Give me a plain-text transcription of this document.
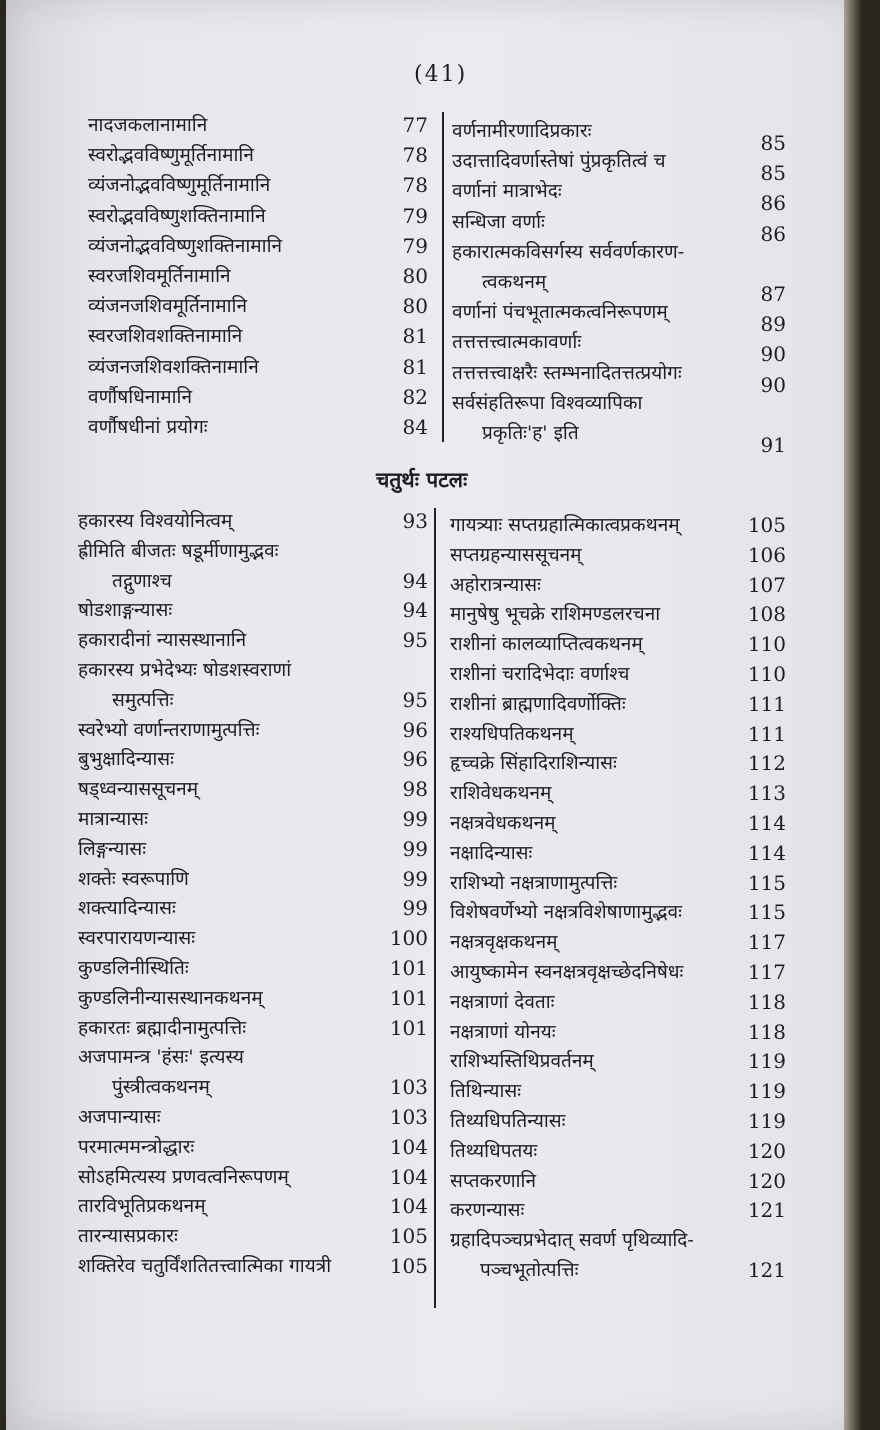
(41)
चतुर्थः पटलः
नादजकलानामानि	77
स्वरोद्भवविष्णुमूर्तिनामानि	78
व्यंजनोद्भवविष्णुमूर्तिनामानि	78
स्वरोद्भवविष्णुशक्तिनामानि	79
व्यंजनोद्भवविष्णुशक्तिनामानि	79
स्वरजशिवमूर्तिनामानि	80
व्यंजनजशिवमूर्तिनामानि	80
स्वरजशिवशक्तिनामानि	81
व्यंजनजशिवशक्तिनामानि	81
वर्णौषधिनामानि	82
वर्णौषधीनां प्रयोगः	84
वर्णनामीरणादिप्रकारः	85
उदात्तादिवर्णास्तेषां पुंप्रकृतित्वं च	85
वर्णानां मात्राभेदः	86
सन्धिजा वर्णाः	86
हकारात्मकविसर्गस्य सर्ववर्णकारण-
त्वकथनम्	87
वर्णानां पंचभूतात्मकत्वनिरूपणम्	89
तत्तत्तत्त्वात्मकावर्णाः	90
तत्तत्तत्त्वाक्षरैः स्तम्भनादितत्तत्प्रयोगः	90
सर्वसंहतिरूपा विश्वव्यापिका
प्रकृतिः'ह' इति	91
हकारस्य विश्वयोनित्वम्	93
ह्रीमिति बीजतः षडूर्मीणामुद्भवः
तद्गुणाश्च	94
षोडशाङ्गन्यासः	94
हकारादीनां न्यासस्थानानि	95
हकारस्य प्रभेदेभ्यः षोडशस्वराणां
समुत्पत्तिः	95
स्वरेभ्यो वर्णान्तराणामुत्पत्तिः	96
बुभुक्षादिन्यासः	96
षड्ध्वन्याससूचनम्	98
मात्रान्यासः	99
लिङ्गन्यासः	99
शक्तेः स्वरूपाणि	99
शक्त्यादिन्यासः	99
स्वरपारायणन्यासः	100
कुण्डलिनीस्थितिः	101
कुण्डलिनीन्यासस्थानकथनम्	101
हकारतः ब्रह्मादीनामुत्पत्तिः	101
अजपामन्त्र 'हंसः' इत्यस्य
पुंस्त्रीत्वकथनम्	103
अजपान्यासः	103
परमात्ममन्त्रोद्धारः	104
सोऽहमित्यस्य प्रणवत्वनिरूपणम्	104
तारविभूतिप्रकथनम्	104
तारन्यासप्रकारः	105
शक्तिरेव चतुर्विंशतितत्त्वात्मिका गायत्री	105
गायत्र्याः सप्तग्रहात्मिकात्वप्रकथनम्	105
सप्तग्रहन्याससूचनम्	106
अहोरात्रन्यासः	107
मानुषेषु भूचक्रे राशिमण्डलरचना	108
राशीनां कालव्याप्तित्वकथनम्	110
राशीनां चरादिभेदाः वर्णाश्च	110
राशीनां ब्राह्मणादिवर्णोक्तिः	111
राश्यधिपतिकथनम्	111
हृच्चक्रे सिंहादिराशिन्यासः	112
राशिवेधकथनम्	113
नक्षत्रवेधकथनम्	114
नक्षादिन्यासः	114
राशिभ्यो नक्षत्राणामुत्पत्तिः	115
विशेषवर्णेभ्यो नक्षत्रविशेषाणामुद्भवः	115
नक्षत्रवृक्षकथनम्	117
आयुष्कामेन स्वनक्षत्रवृक्षच्छेदनिषेधः	117
नक्षत्राणां देवताः	118
नक्षत्राणां योनयः	118
राशिभ्यस्तिथिप्रवर्तनम्	119
तिथिन्यासः	119
तिथ्यधिपतिन्यासः	119
तिथ्यधिपतयः	120
सप्तकरणानि	120
करणन्यासः	121
ग्रहादिपञ्चप्रभेदात् सवर्ण पृथिव्यादि-
पञ्चभूतोत्पत्तिः	121
